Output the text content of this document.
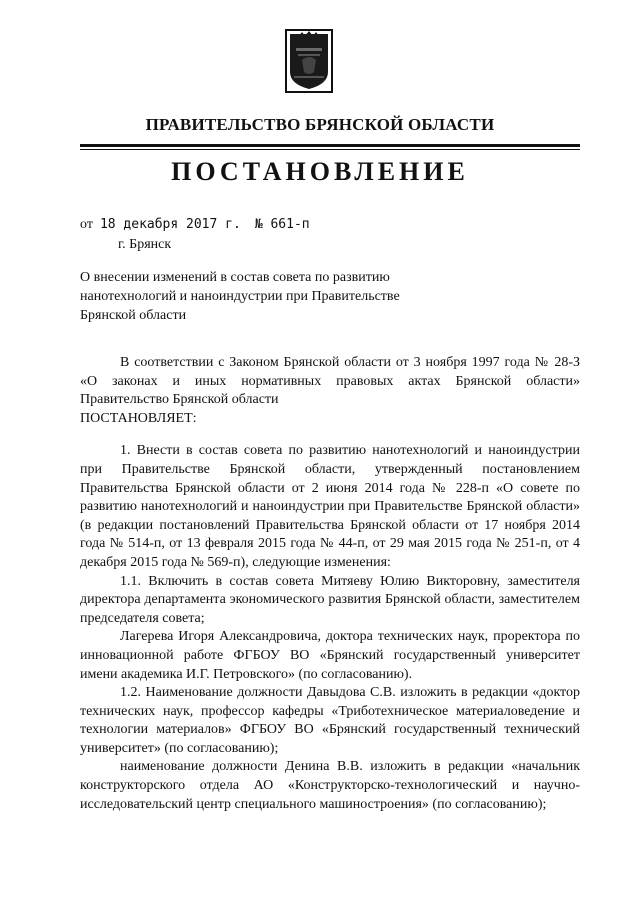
ПРАВИТЕЛЬСТВО БРЯНСКОЙ ОБЛАСТИ
ПОСТАНОВЛЕНИЕ
от 18 декабря 2017 г. № 661-п
г. Брянск
О внесении изменений в состав совета по развитию нанотехнологий и наноиндустрии при Правительстве Брянской области

В соответствии с Законом Брянской области от 3 ноября 1997 года № 28-З «О законах и иных нормативных правовых актах Брянской области» Правительство Брянской области

ПОСТАНОВЛЯЕТ:

1. Внести в состав совета по развитию нанотехнологий и наноиндустрии при Правительстве Брянской области, утвержденный постановлением Правительства Брянской области от 2 июня 2014 года № 228-п «О совете по развитию нанотехнологий и наноиндустрии при Правительстве Брянской области» (в редакции постановлений Правительства Брянской области от 17 ноября 2014 года № 514-п, от 13 февраля 2015 года № 44-п, от 29 мая 2015 года № 251-п, от 4 декабря 2015 года № 569-п), следующие изменения:

1.1. Включить в состав совета Митяеву Юлию Викторовну, заместителя директора департамента экономического развития Брянской области, заместителем председателя совета;

Лагерева Игоря Александровича, доктора технических наук, проректора по инновационной работе ФГБОУ ВО «Брянский государственный университет имени академика И.Г. Петровского» (по согласованию).

1.2. Наименование должности Давыдова С.В. изложить в редакции «доктор технических наук, профессор кафедры «Триботехническое материаловедение и технологии материалов» ФГБОУ ВО «Брянский государственный технический университет» (по согласованию);

наименование должности Денина В.В. изложить в редакции «начальник конструкторского отдела АО «Конструкторско-технологический и научно-исследовательский центр специального машиностроения» (по согласованию);
